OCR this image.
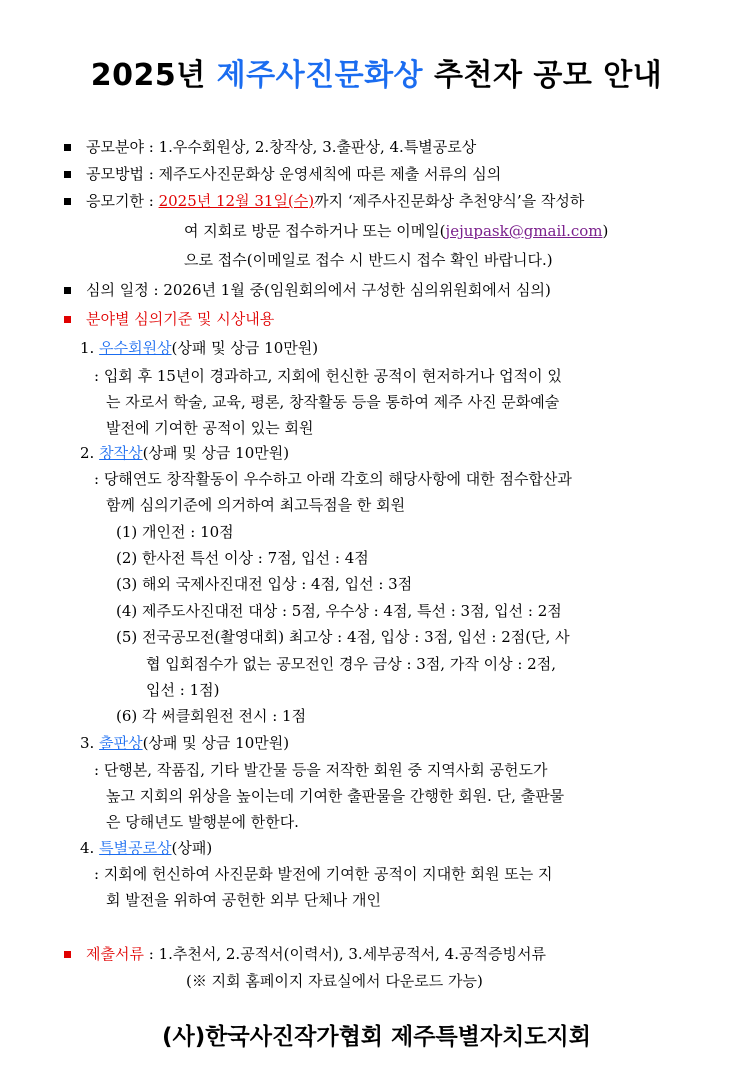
2025년 제주사진문화상 추천자 공모 안내
공모분야 : 1.우수회원상, 2.창작상, 3.출판상, 4.특별공로상
공모방법 : 제주도사진문화상 운영세칙에 따른 제출 서류의 심의
응모기한 : 2025년 12월 31일(수)까지 ‘제주사진문화상 추천양식’을 작성하
여 지회로 방문 접수하거나 또는 이메일(jejupask@gmail.com)
으로 접수(이메일로 접수 시 반드시 접수 확인 바랍니다.)
심의 일정 : 2026년 1월 중(임원회의에서 구성한 심의위원회에서 심의)
분야별 심의기준 및 시상내용
1. 우수회원상(상패 및 상금 10만원)
: 입회 후 15년이 경과하고, 지회에 헌신한 공적이 현저하거나 업적이 있
는 자로서 학술, 교육, 평론, 창작활동 등을 통하여 제주 사진 문화예술
발전에 기여한 공적이 있는 회원
2. 창작상(상패 및 상금 10만원)
: 당해연도 창작활동이 우수하고 아래 각호의 해당사항에 대한 점수합산과
함께 심의기준에 의거하여 최고득점을 한 회원
(1) 개인전 : 10점
(2) 한사전 특선 이상 : 7점, 입선 : 4점
(3) 해외 국제사진대전 입상 : 4점, 입선 : 3점
(4) 제주도사진대전 대상 : 5점, 우수상 : 4점, 특선 : 3점, 입선 : 2점
(5) 전국공모전(촬영대회) 최고상 : 4점, 입상 : 3점, 입선 : 2점(단, 사
협 입회점수가 없는 공모전인 경우 금상 : 3점, 가작 이상 : 2점,
입선 : 1점)
(6) 각 써클회원전 전시 : 1점
3. 출판상(상패 및 상금 10만원)
: 단행본, 작품집, 기타 발간물 등을 저작한 회원 중 지역사회 공헌도가
높고 지회의 위상을 높이는데 기여한 출판물을 간행한 회원. 단, 출판물
은 당해년도 발행분에 한한다.
4. 특별공로상(상패)
: 지회에 헌신하여 사진문화 발전에 기여한 공적이 지대한 회원 또는 지
회 발전을 위하여 공헌한 외부 단체나 개인
제출서류 : 1.추천서, 2.공적서(이력서), 3.세부공적서, 4.공적증빙서류
(※ 지회 홈페이지 자료실에서 다운로드 가능)
(사)한국사진작가협회 제주특별자치도지회
